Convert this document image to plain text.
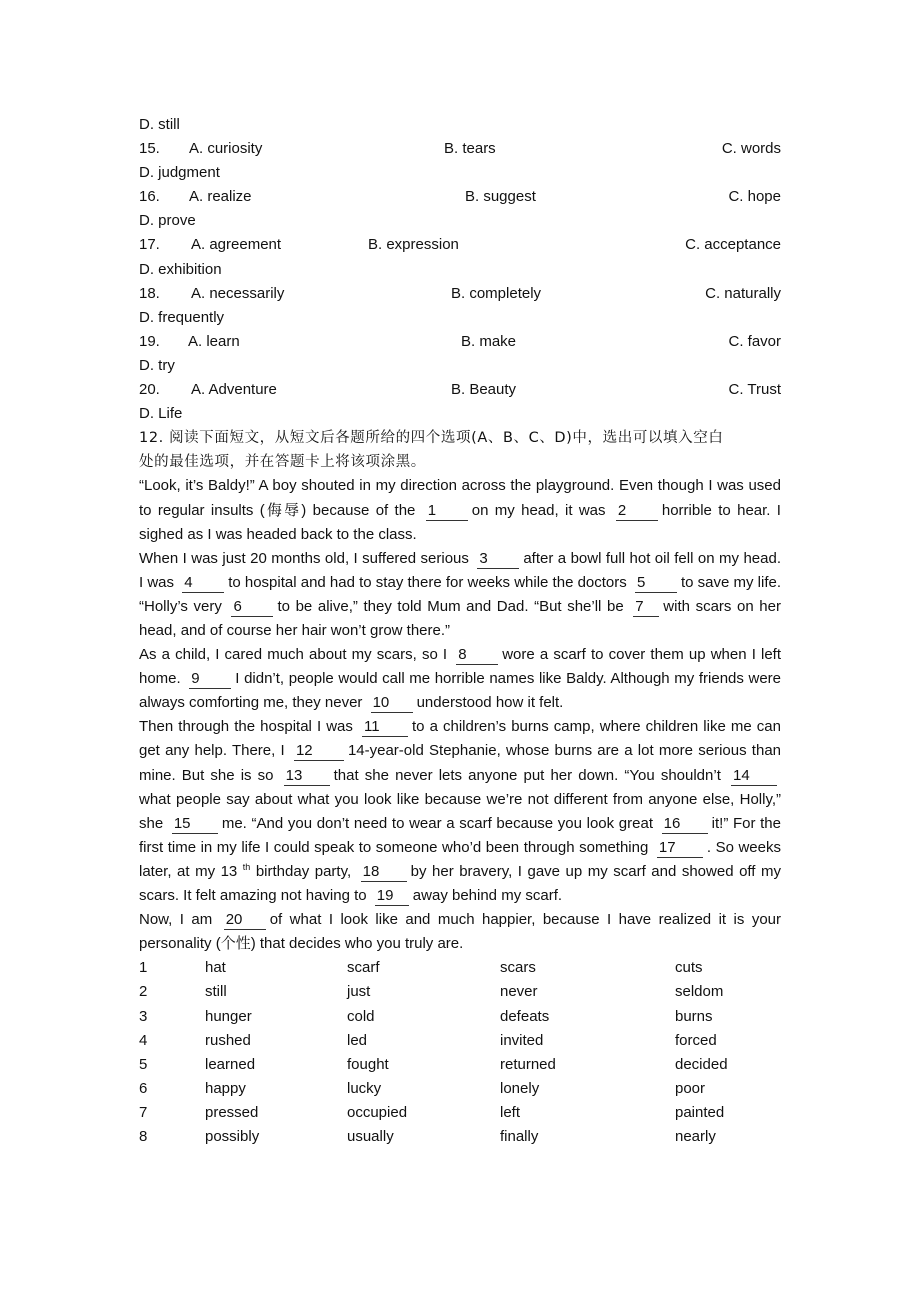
D. still
15. A. curiosity	B. tears	C. words
D. judgment
16. A. realize	B. suggest	C. hope
D. prove
17. A. agreement	B. expression	C. acceptance
D. exhibition
18. A. necessarily	B. completely	C. naturally
D. frequently
19. A. learn	B. make	C. favor
D. try
20. A. Adventure	B. Beauty	C. Trust
D. Life
12. 阅读下面短文，从短文后各题所给的四个选项(A、B、C、D)中，选出可以填入空白
处的最佳选项，并在答题卡上将该项涂黑。

“Look, it’s Baldy!” A boy shouted in my direction across the playground. Even though I was used to regular insults (侮辱) because of the 1 on my head, it was 2 horrible to hear. I sighed as I was headed back to the class.

When I was just 20 months old, I suffered serious 3 after a bowl full hot oil fell on my head. I was 4 to hospital and had to stay there for weeks while the doctors 5 to save my life. “Holly’s very 6 to be alive,” they told Mum and Dad. “But she’ll be 7 with scars on her head, and of course her hair won’t grow there.”

As a child, I cared much about my scars, so I 8 wore a scarf to cover them up when I left home. 9 I didn’t, people would call me horrible names like Baldy. Although my friends were always comforting me, they never 10 understood how it felt.

Then through the hospital I was 11 to a children’s burns camp, where children like me can get any help. There, I 12 14-year-old Stephanie, whose burns are a lot more serious than mine. But she is so 13 that she never lets anyone put her down. “You shouldn’t 14what people say about what you look like because we’re not different from anyone else, Holly,” she 15 me. “And you don’t need to wear a scarf because you look great 16 it!” For the first time in my life I could speak to someone who’d been through something 17 . So weeks later, at my 13 $^{th}$ birthday party, 18 by her bravery, I gave up my scarf and showed off my scars. It felt amazing not having to 19 away behind my scarf.

Now, I am 20 of what I look like and much happier, because I have realized it is your personality (个性) that decides who you truly are.

1	hat	scarf	scars	cuts
2	still	just	never	seldom
3	hunger	cold	defeats	burns
4	rushed	led	invited	forced
5	learned	fought	returned	decided
6	happy	lucky	lonely	poor
7	pressed	occupied	left	painted
8	possibly	usually	finally	nearly
